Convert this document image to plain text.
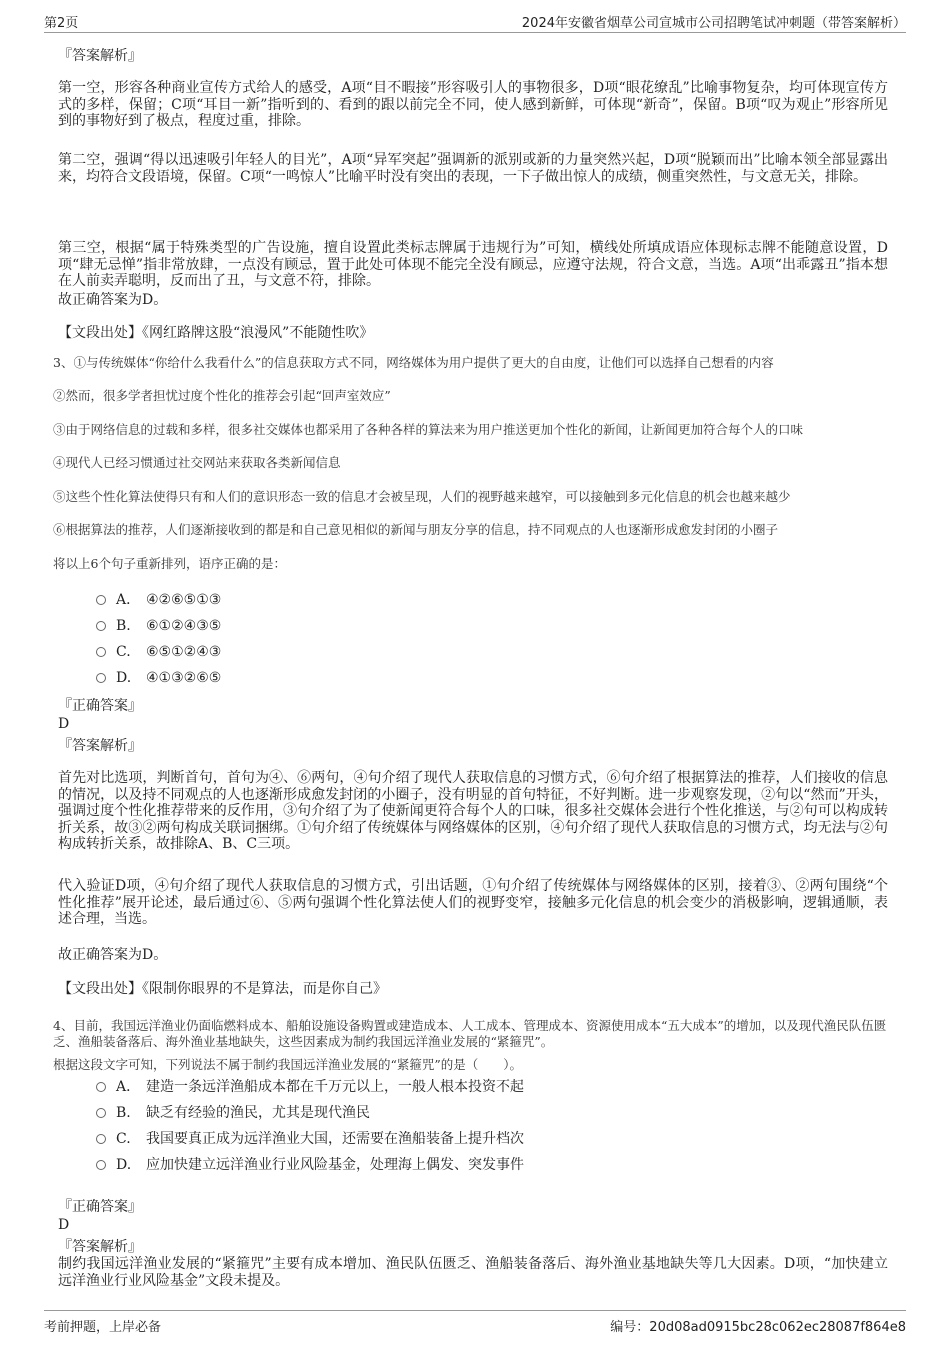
第2页	2024年安徽省烟草公司宣城市公司招聘笔试冲刺题（带答案解析）
『答案解析』
第一空，形容各种商业宣传方式给人的感受，A项“目不暇接”形容吸引人的事物很多，D项“眼花缭乱”比喻事物复杂，均可体现宣传方式的多样，保留；C项“耳目一新”指听到的、看到的跟以前完全不同，使人感到新鲜，可体现“新奇”，保留。B项“叹为观止”形容所见到的事物好到了极点，程度过重，排除。
第二空，强调“得以迅速吸引年轻人的目光”，A项“异军突起”强调新的派别或新的力量突然兴起，D项“脱颖而出”比喻本领全部显露出来，均符合文段语境，保留。C项“一鸣惊人”比喻平时没有突出的表现，一下子做出惊人的成绩，侧重突然性，与文意无关，排除。
第三空，根据“属于特殊类型的广告设施，擅自设置此类标志牌属于违规行为”可知，横线处所填成语应体现标志牌不能随意设置，D项“肆无忌惮”指非常放肆，一点没有顾忌，置于此处可体现不能完全没有顾忌，应遵守法规，符合文意，当选。A项“出乖露丑”指本想在人前卖弄聪明，反而出了丑，与文意不符，排除。
故正确答案为D。
【文段出处】《网红路牌这股“浪漫风”不能随性吹》
3、①与传统媒体“你给什么我看什么”的信息获取方式不同，网络媒体为用户提供了更大的自由度，让他们可以选择自己想看的内容
②然而，很多学者担忧过度个性化的推荐会引起“回声室效应”
③由于网络信息的过载和多样，很多社交媒体也都采用了各种各样的算法来为用户推送更加个性化的新闻，让新闻更加符合每个人的口味
④现代人已经习惯通过社交网站来获取各类新闻信息
⑤这些个性化算法使得只有和人们的意识形态一致的信息才会被呈现，人们的视野越来越窄，可以接触到多元化信息的机会也越来越少
⑥根据算法的推荐，人们逐渐接收到的都是和自己意见相似的新闻与朋友分享的信息，持不同观点的人也逐渐形成愈发封闭的小圈子
将以上6个句子重新排列，语序正确的是：
A． ④②⑥⑤①③
B. ⑥①②④③⑤
C. ⑥⑤①②④③
D. ④①③②⑥⑤
『正确答案』
D
『答案解析』
首先对比选项，判断首句，首句为④、⑥两句，④句介绍了现代人获取信息的习惯方式，⑥句介绍了根据算法的推荐，人们接收的信息的情况，以及持不同观点的人也逐渐形成愈发封闭的小圈子，没有明显的首句特征，不好判断。进一步观察发现，②句以“然而”开头，强调过度个性化推荐带来的反作用，③句介绍了为了使新闻更符合每个人的口味，很多社交媒体会进行个性化推送，与②句可以构成转折关系，故③②两句构成关联词捆绑。①句介绍了传统媒体与网络媒体的区别，④句介绍了现代人获取信息的习惯方式，均无法与②句构成转折关系，故排除A、B、C三项。
代入验证D项，④句介绍了现代人获取信息的习惯方式，引出话题，①句介绍了传统媒体与网络媒体的区别，接着③、②两句围绕“个性化推荐”展开论述，最后通过⑥、⑤两句强调个性化算法使人们的视野变窄，接触多元化信息的机会变少的消极影响，逻辑通顺，表述合理，当选。
故正确答案为D。
【文段出处】《限制你眼界的不是算法，而是你自己》
4、目前，我国远洋渔业仍面临燃料成本、船舶设施设备购置或建造成本、人工成本、管理成本、资源使用成本“五大成本”的增加，以及现代渔民队伍匮乏、渔船装备落后、海外渔业基地缺失，这些因素成为制约我国远洋渔业发展的“紧箍咒”。
根据这段文字可知，下列说法不属于制约我国远洋渔业发展的“紧箍咒”的是（　　）。
A． 建造一条远洋渔船成本都在千万元以上，一般人根本投资不起
B. 缺乏有经验的渔民，尤其是现代渔民
C. 我国要真正成为远洋渔业大国，还需要在渔船装备上提升档次
D. 应加快建立远洋渔业行业风险基金，处理海上偶发、突发事件
『正确答案』
D
『答案解析』
制约我国远洋渔业发展的“紧箍咒”主要有成本增加、渔民队伍匮乏、渔船装备落后、海外渔业基地缺失等几大因素。D项，“加快建立远洋渔业行业风险基金”文段未提及。
考前押题，上岸必备	编号：20d08ad0915bc28c062ec28087f864e8
